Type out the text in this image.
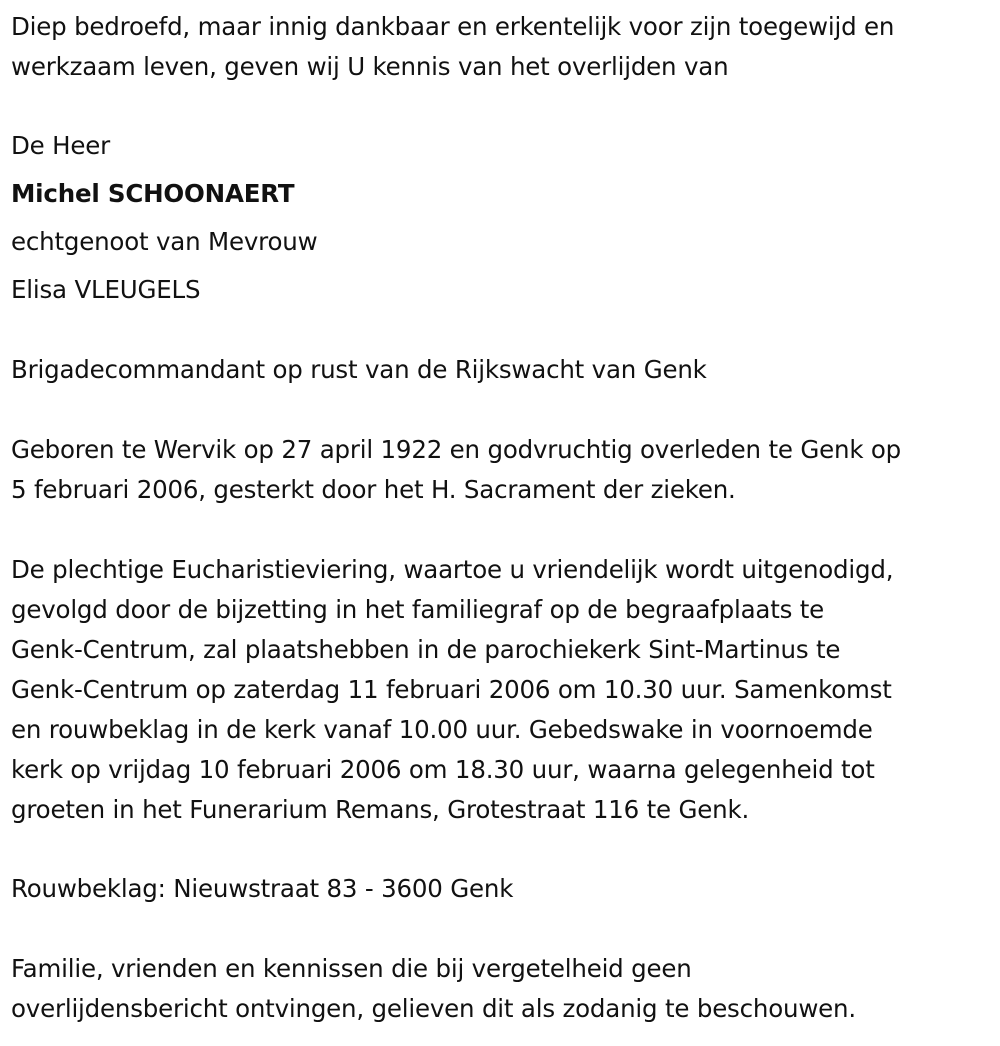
Diep bedroefd, maar innig dankbaar en erkentelijk voor zijn toegewijd en
werkzaam leven, geven wij U kennis van het overlijden van
De Heer
Michel SCHOONAERT
echtgenoot van Mevrouw
Elisa VLEUGELS
Brigadecommandant op rust van de Rijkswacht van Genk
Geboren te Wervik op 27 april 1922 en godvruchtig overleden te Genk op
5 februari 2006, gesterkt door het H. Sacrament der zieken.
De plechtige Eucharistieviering, waartoe u vriendelijk wordt uitgenodigd,
gevolgd door de bijzetting in het familiegraf op de begraafplaats te
Genk-Centrum, zal plaatshebben in de parochiekerk Sint-Martinus te
Genk-Centrum op zaterdag 11 februari 2006 om 10.30 uur. Samenkomst
en rouwbeklag in de kerk vanaf 10.00 uur. Gebedswake in voornoemde
kerk op vrijdag 10 februari 2006 om 18.30 uur, waarna gelegenheid tot
groeten in het Funerarium Remans, Grotestraat 116 te Genk.
Rouwbeklag: Nieuwstraat 83 - 3600 Genk
Familie, vrienden en kennissen die bij vergetelheid geen
overlijdensbericht ontvingen, gelieven dit als zodanig te beschouwen.
